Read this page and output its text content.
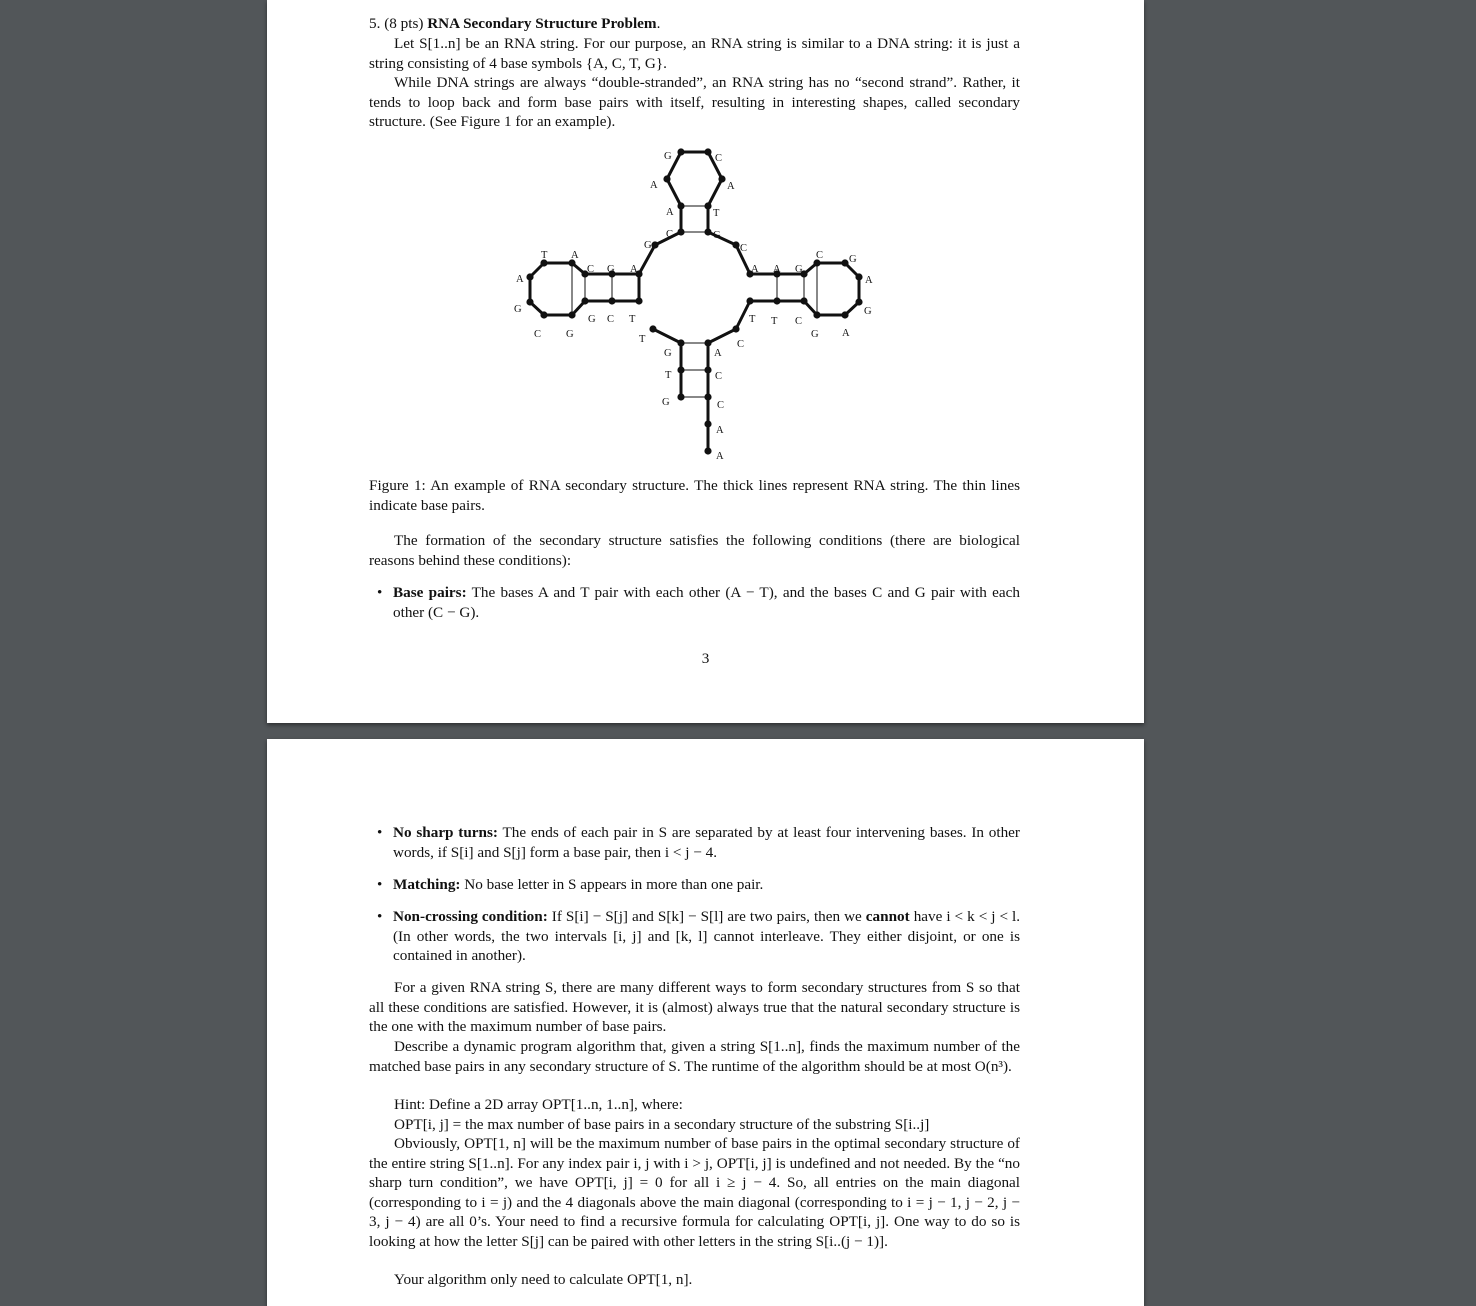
5. (8 pts) RNA Secondary Structure Problem.
Let S[1..n] be an RNA string. For our purpose, an RNA string is similar to a DNA string: it is just a string consisting of 4 base symbols {A, C, T, G}.
While DNA strings are always “double-stranded”, an RNA string has no “second strand”. Rather, it tends to loop back and form base pairs with itself, resulting in interesting shapes, called secondary structure. (See Figure 1 for an example).
G	C
A	A
A	T
C	G
G	C
T A
C G A
A
G
G C T
C G	T
A A G
C G
A
T T C
G A
G
C
G	A
T	C
G	C
A
A
Figure 1: An example of RNA secondary structure. The thick lines represent RNA string. The thin lines indicate base pairs.
The formation of the secondary structure satisfies the following conditions (there are biological reasons behind these conditions):
• Base pairs: The bases A and T pair with each other (A − T), and the bases C and G pair with each other (C − G).
3
• No sharp turns: The ends of each pair in S are separated by at least four intervening bases. In other words, if S[i] and S[j] form a base pair, then i < j − 4.
• Matching: No base letter in S appears in more than one pair.
• Non-crossing condition: If S[i] − S[j] and S[k] − S[l] are two pairs, then we cannot have i < k < j < l. (In other words, the two intervals [i, j] and [k, l] cannot interleave. They either disjoint, or one is contained in another).
For a given RNA string S, there are many different ways to form secondary structures from S so that all these conditions are satisfied. However, it is (almost) always true that the natural secondary structure is the one with the maximum number of base pairs.
Describe a dynamic program algorithm that, given a string S[1..n], finds the maximum number of the matched base pairs in any secondary structure of S. The runtime of the algorithm should be at most O(n³).
Hint: Define a 2D array OPT[1..n, 1..n], where:
OPT[i, j] = the max number of base pairs in a secondary structure of the substring S[i..j]
Obviously, OPT[1, n] will be the maximum number of base pairs in the optimal secondary structure of the entire string S[1..n]. For any index pair i, j with i > j, OPT[i, j] is undefined and not needed. By the “no sharp turn condition”, we have OPT[i, j] = 0 for all i ≥ j − 4. So, all entries on the main diagonal (corresponding to i = j) and the 4 diagonals above the main diagonal (corresponding to i = j − 1, j − 2, j − 3, j − 4) are all 0’s. Your need to find a recursive formula for calculating OPT[i, j]. One way to do so is looking at how the letter S[j] can be paired with other letters in the string S[i..(j − 1)].
Your algorithm only need to calculate OPT[1, n].
